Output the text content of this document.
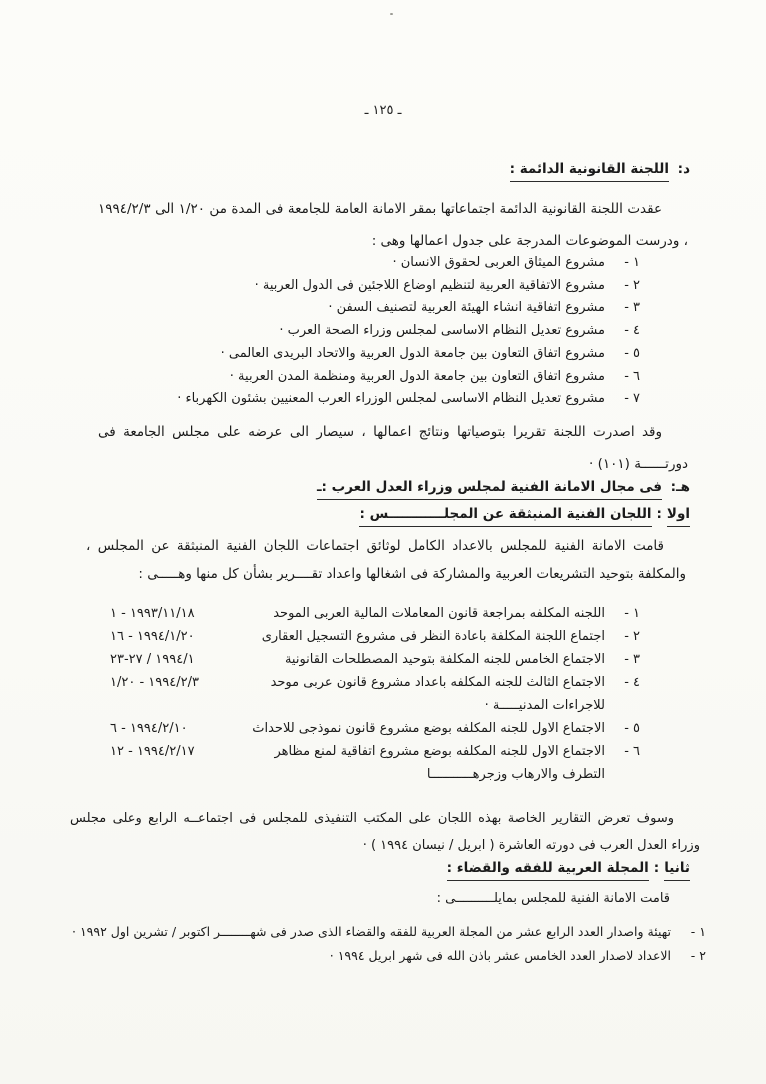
ـ ١٢٥ ـ
د: اللجنة القانونية الدائمة :

عقدت اللجنة القانونية الدائمة اجتماعاتها بمقر الامانة العامة للجامعة فى المدة من ١/٢٠ الى ١٩٩٤/٢/٣ ، ودرست الموضوعات المدرجة على جدول اعمالها وهى :

١ -
مشروع الميثاق العربى لحقوق الانسان ·
٢ -
مشروع الاتفاقية العربية لتنظيم اوضاع اللاجئين فى الدول العربية ·
٣ -
مشروع اتفاقية انشاء الهيئة العربية لتصنيف السفن ·
٤ -
مشروع تعديل النظام الاساسى لمجلس وزراء الصحة العرب ·
٥ -
مشروع اتفاق التعاون بين جامعة الدول العربية والاتحاد البريدى العالمى ·
٦ -
مشروع اتفاق التعاون بين جامعة الدول العربية ومنظمة المدن العربية ·
٧ -
مشروع تعديل النظام الاساسى لمجلس الوزراء العرب المعنيين بشئون الكهرباء ·

وقد اصدرت اللجنة تقريرا بتوصياتها ونتائج اعمالها ، سيصار الى عرضه على مجلس الجامعة فى دورتــــــة (١٠١) ·

هـ: فى مجال الامانة الفنية لمجلس وزراء العدل العرب :ـ
اولا:اللجان الفنية المنبثقة عن المجلــــــــــــس :

قامت الامانة الفنية للمجلس بالاعداد الكامل لوثائق اجتماعات اللجان الفنية المنبثقة عن المجلس ، والمكلفة بتوحيد التشريعات العربية والمشاركة فى اشغالها واعداد تقــــرير بشأن كل منها وهـــــى :

١ -
اللجنه المكلفه بمراجعة قانون المعاملات المالية العربى الموحد
١٩٩٣/١١/١٨ - ١
٢ -
اجتماع اللجنة المكلفة باعادة النظر فى مشروع التسجيل العقارى
١٩٩٤/١/٢٠ - ١٦
٣ -
الاجتماع الخامس للجنه المكلفة بتوحيد المصطلحات القانونية
١٩٩٤/١ / ٢٧-٢٣
٤ -
الاجتماع الثالث للجنه المكلفه باعداد مشروع قانون عربى موحد للاجراءات المدنيـــــة ·
١٩٩٤/٢/٣ - ١/٢٠
٥ -
الاجتماع الاول للجنه المكلفه بوضع مشروع قانون نموذجى للاحداث
١٩٩٤/٢/١٠ - ٦
٦ -
الاجتماع الاول للجنه المكلفه بوضع مشروع اتفاقية لمنع مظاهر التطرف والارهاب وزجرهـــــــــــا
١٩٩٤/٢/١٧ - ١٢

وسوف تعرض التقارير الخاصة بهذه اللجان على المكتب التنفيذى للمجلس فى اجتماعــه الرابع وعلى مجلس وزراء العدل العرب فى دورته العاشرة ( ابريل / نيسان ١٩٩٤ ) ·

ثانيا:المجلة العربية للفقه والقضاء :

قامت الامانة الفنية للمجلس بمايلــــــــــى :

١ -
تهيئة واصدار العدد الرابع عشر من المجلة العربية للفقه والقضاء الذى صدر فى شهــــــــر اكتوبر / تشرين اول ١٩٩٢ ·
٢ -
الاعداد لاصدار العدد الخامس عشر باذن الله فى شهر ابريل ١٩٩٤ ·
